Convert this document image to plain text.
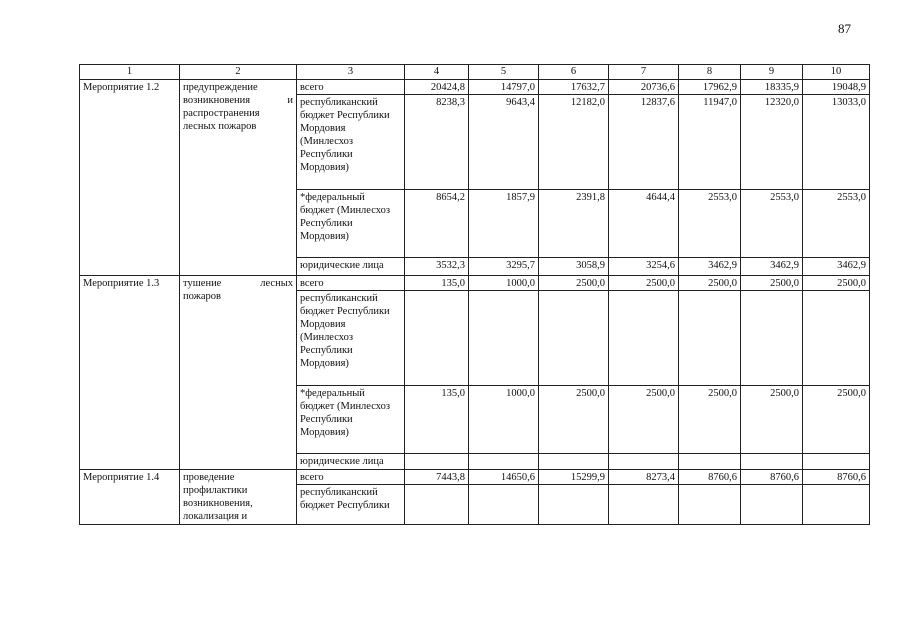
87
1	2	3	4	5	6	7	8	9	10
Мероприятие 1.2	предупреждение возникновения и распространения лесных пожаров	всего	20424,8	14797,0	17632,7	20736,6	17962,9	18335,9	19048,9
		республиканский бюджет Республики Мордовия (Минлесхоз Республики Мордовия)	8238,3	9643,4	12182,0	12837,6	11947,0	12320,0	13033,0
		*федеральный бюджет (Минлесхоз Республики Мордовия)	8654,2	1857,9	2391,8	4644,4	2553,0	2553,0	2553,0
		юридические лица	3532,3	3295,7	3058,9	3254,6	3462,9	3462,9	3462,9
Мероприятие 1.3	тушение лесных пожаров	всего	135,0	1000,0	2500,0	2500,0	2500,0	2500,0	2500,0
		республиканский бюджет Республики Мордовия (Минлесхоз Республики Мордовия)							
		*федеральный бюджет (Минлесхоз Республики Мордовия)	135,0	1000,0	2500,0	2500,0	2500,0	2500,0	2500,0
		юридические лица							
Мероприятие 1.4	проведение профилактики возникновения, локализация и	всего	7443,8	14650,6	15299,9	8273,4	8760,6	8760,6	8760,6
		республиканский бюджет Республики							
